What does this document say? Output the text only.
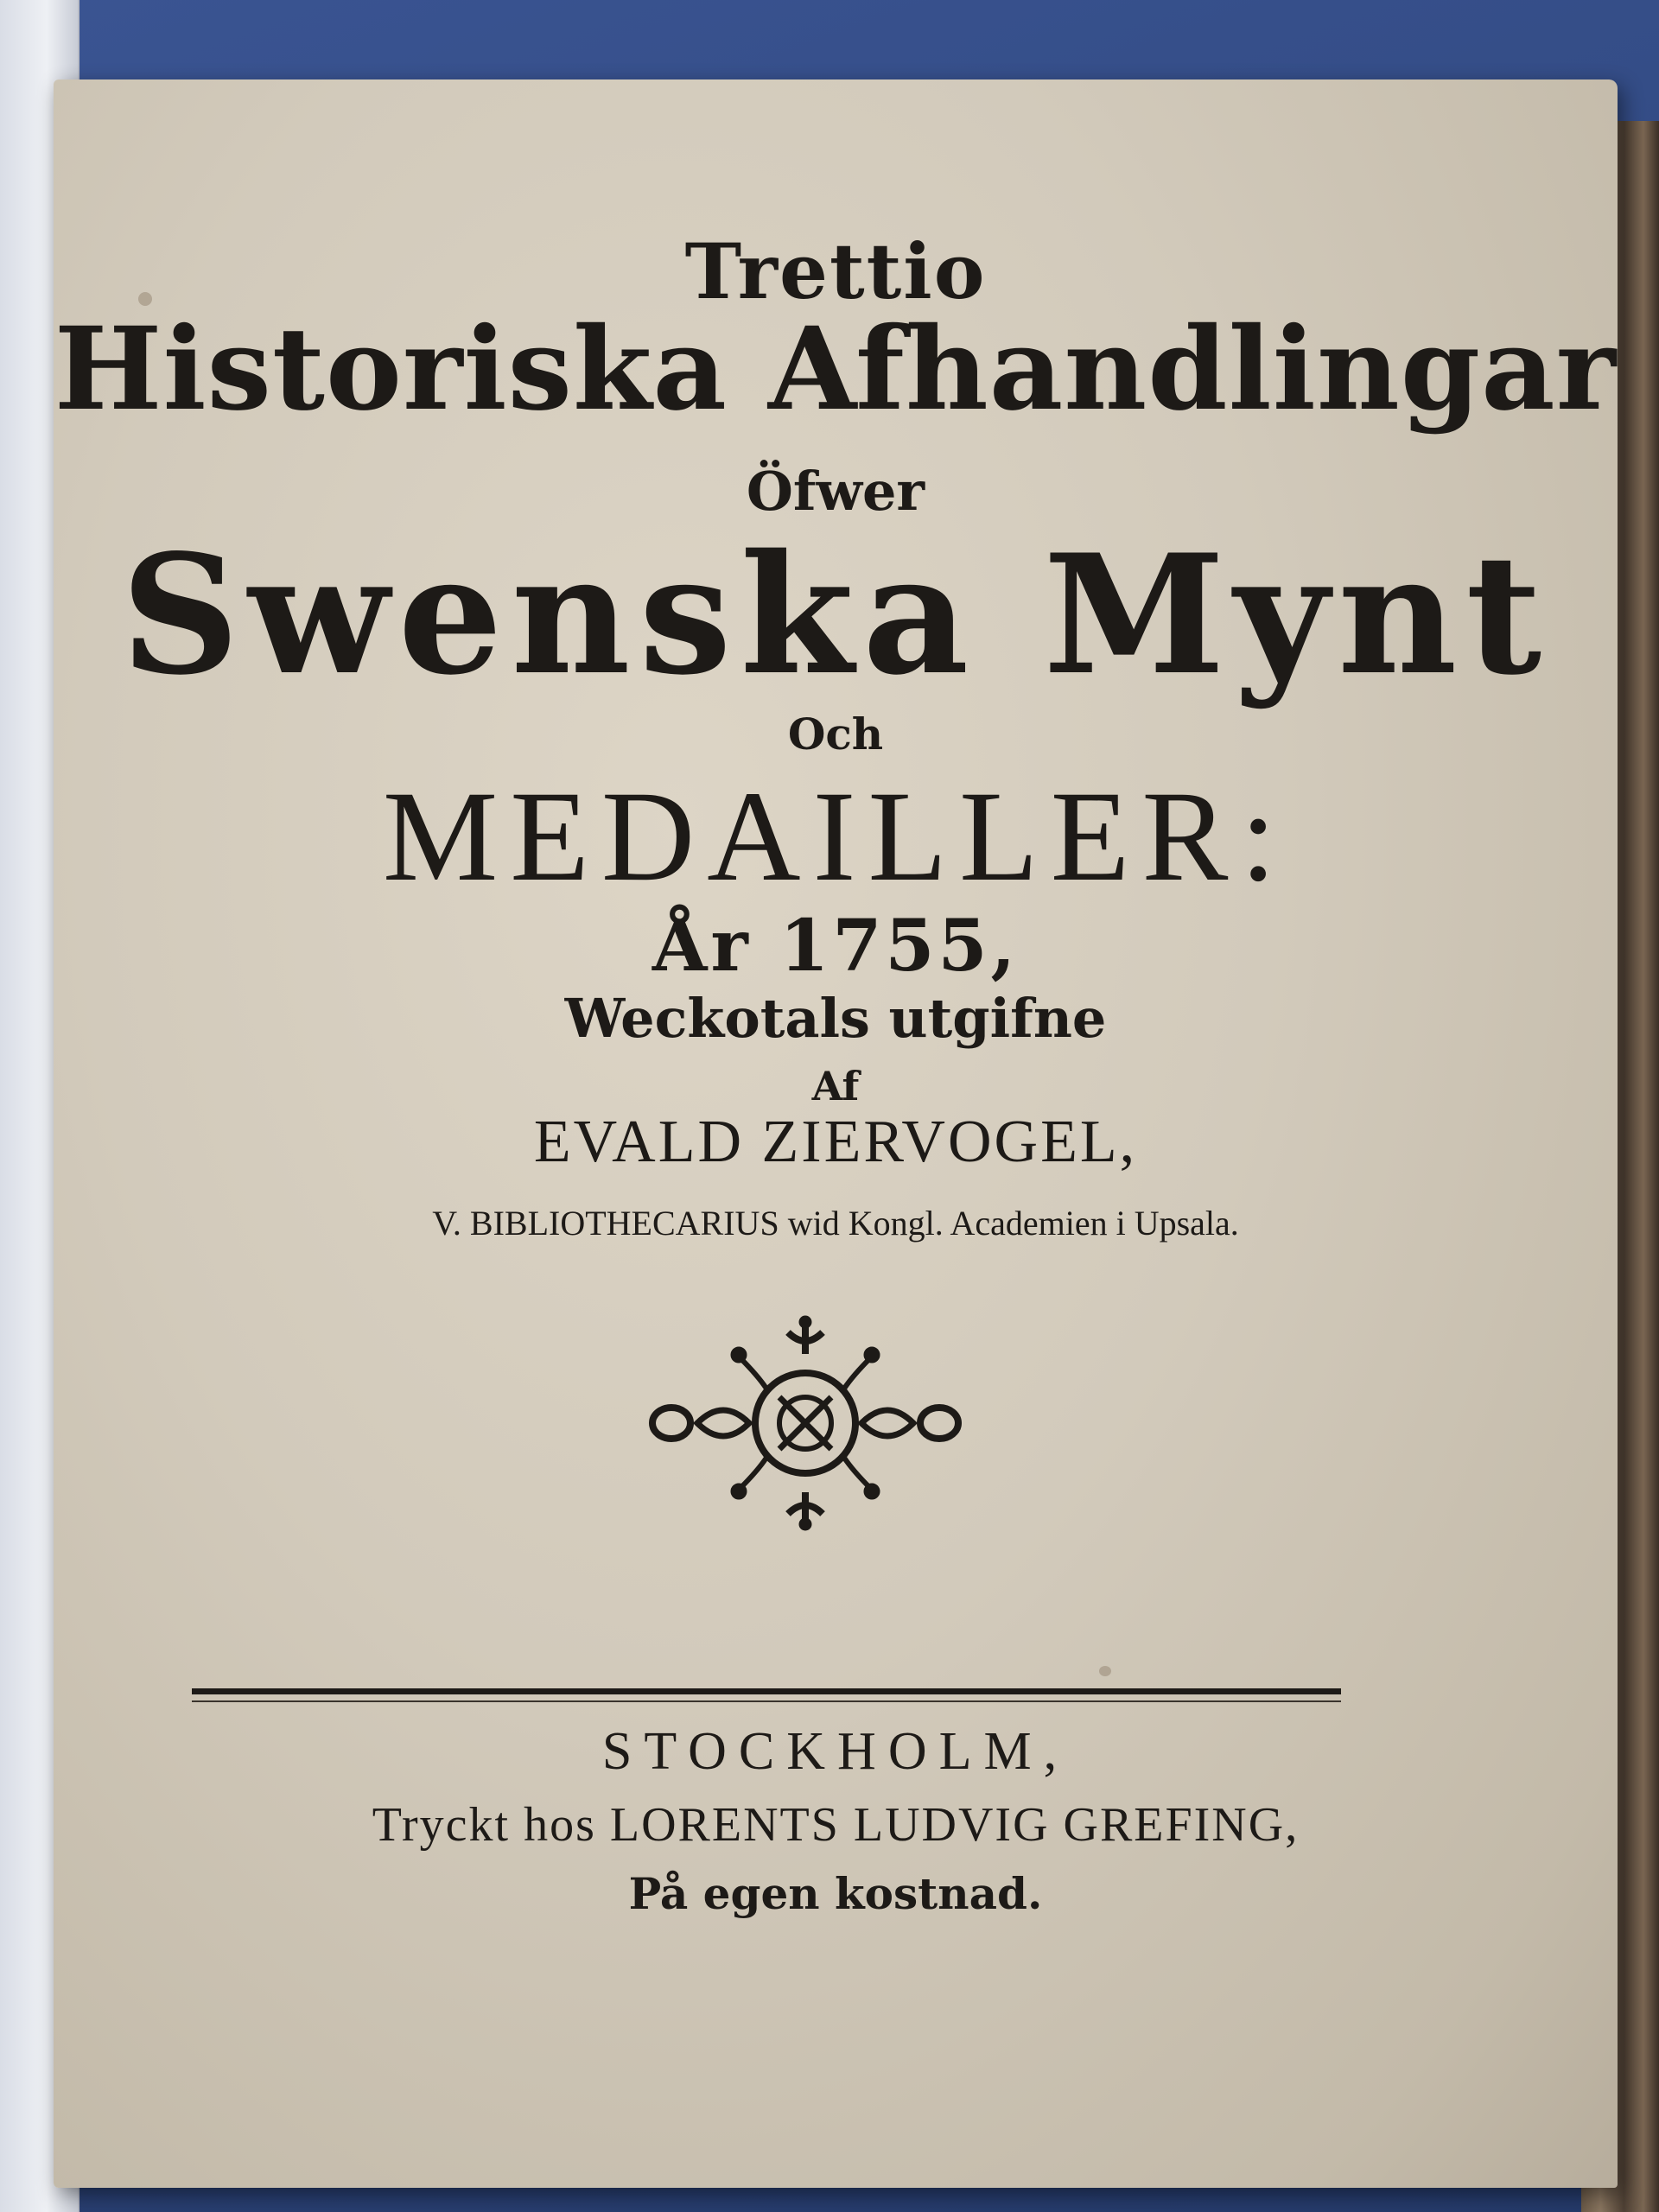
Trettio
Historiska Afhandlingar
Öfwer
Swenska Mynt
Och
MEDAILLER:
År 1755,
Weckotals utgifne
Af
EVALD ZIERVOGEL,
V. BIBLIOTHECARIUS wid Kongl. Academien i Upsala.
STOCKHOLM,
Tryckt hos LORENTS LUDVIG GREFING,
På egen kostnad.
